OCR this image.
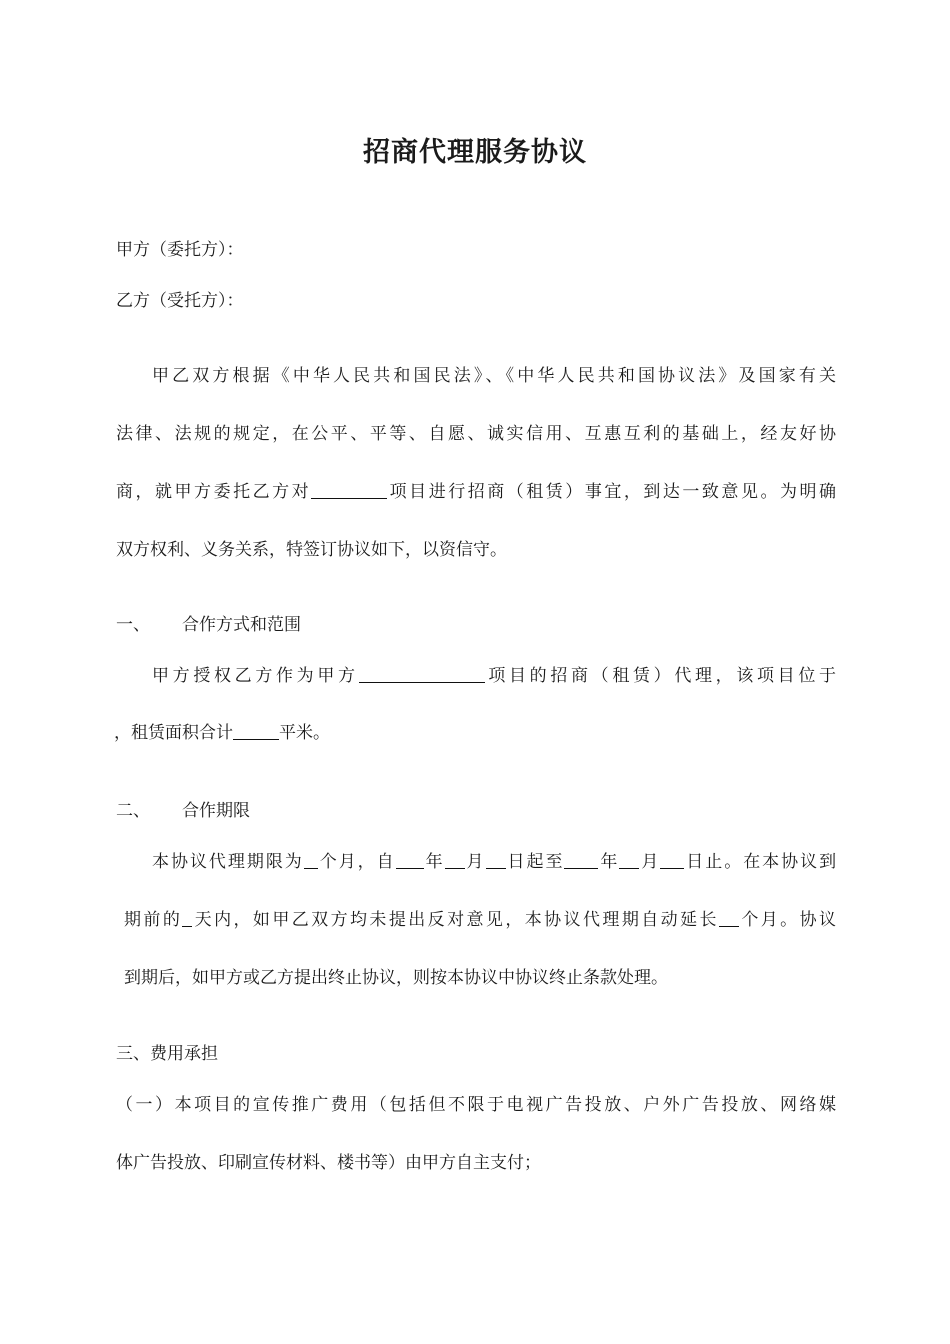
招商代理服务协议
甲方（委托方）：
乙方（受托方）：
甲乙双方根据《中华人民共和国民法》、《中华人民共和国协议法》及国家有关
法律、法规的规定，在公平、平等、自愿、诚实信用、互惠互利的基础上，经友好协
商，就甲方委托乙方对	项目进行招商（租赁）事宜，到达一致意见。为明确
双方权利、义务关系，特签订协议如下，以资信守。
一、 合作方式和范围
甲方授权乙方作为甲方	项目的招商（租赁）代理，该项目位于
，租赁面积合计	平米。
二、 合作期限
本协议代理期限为 个月，自 年 月 日起至 年 月 日止。在本协议到
期前的 天内，如甲乙双方均未提出反对意见，本协议代理期自动延长 个月。协议
到期后，如甲方或乙方提出终止协议，则按本协议中协议终止条款处理。
三、费用承担
（一）本项目的宣传推广费用（包括但不限于电视广告投放、户外广告投放、网络媒
体广告投放、印刷宣传材料、楼书等）由甲方自主支付；
